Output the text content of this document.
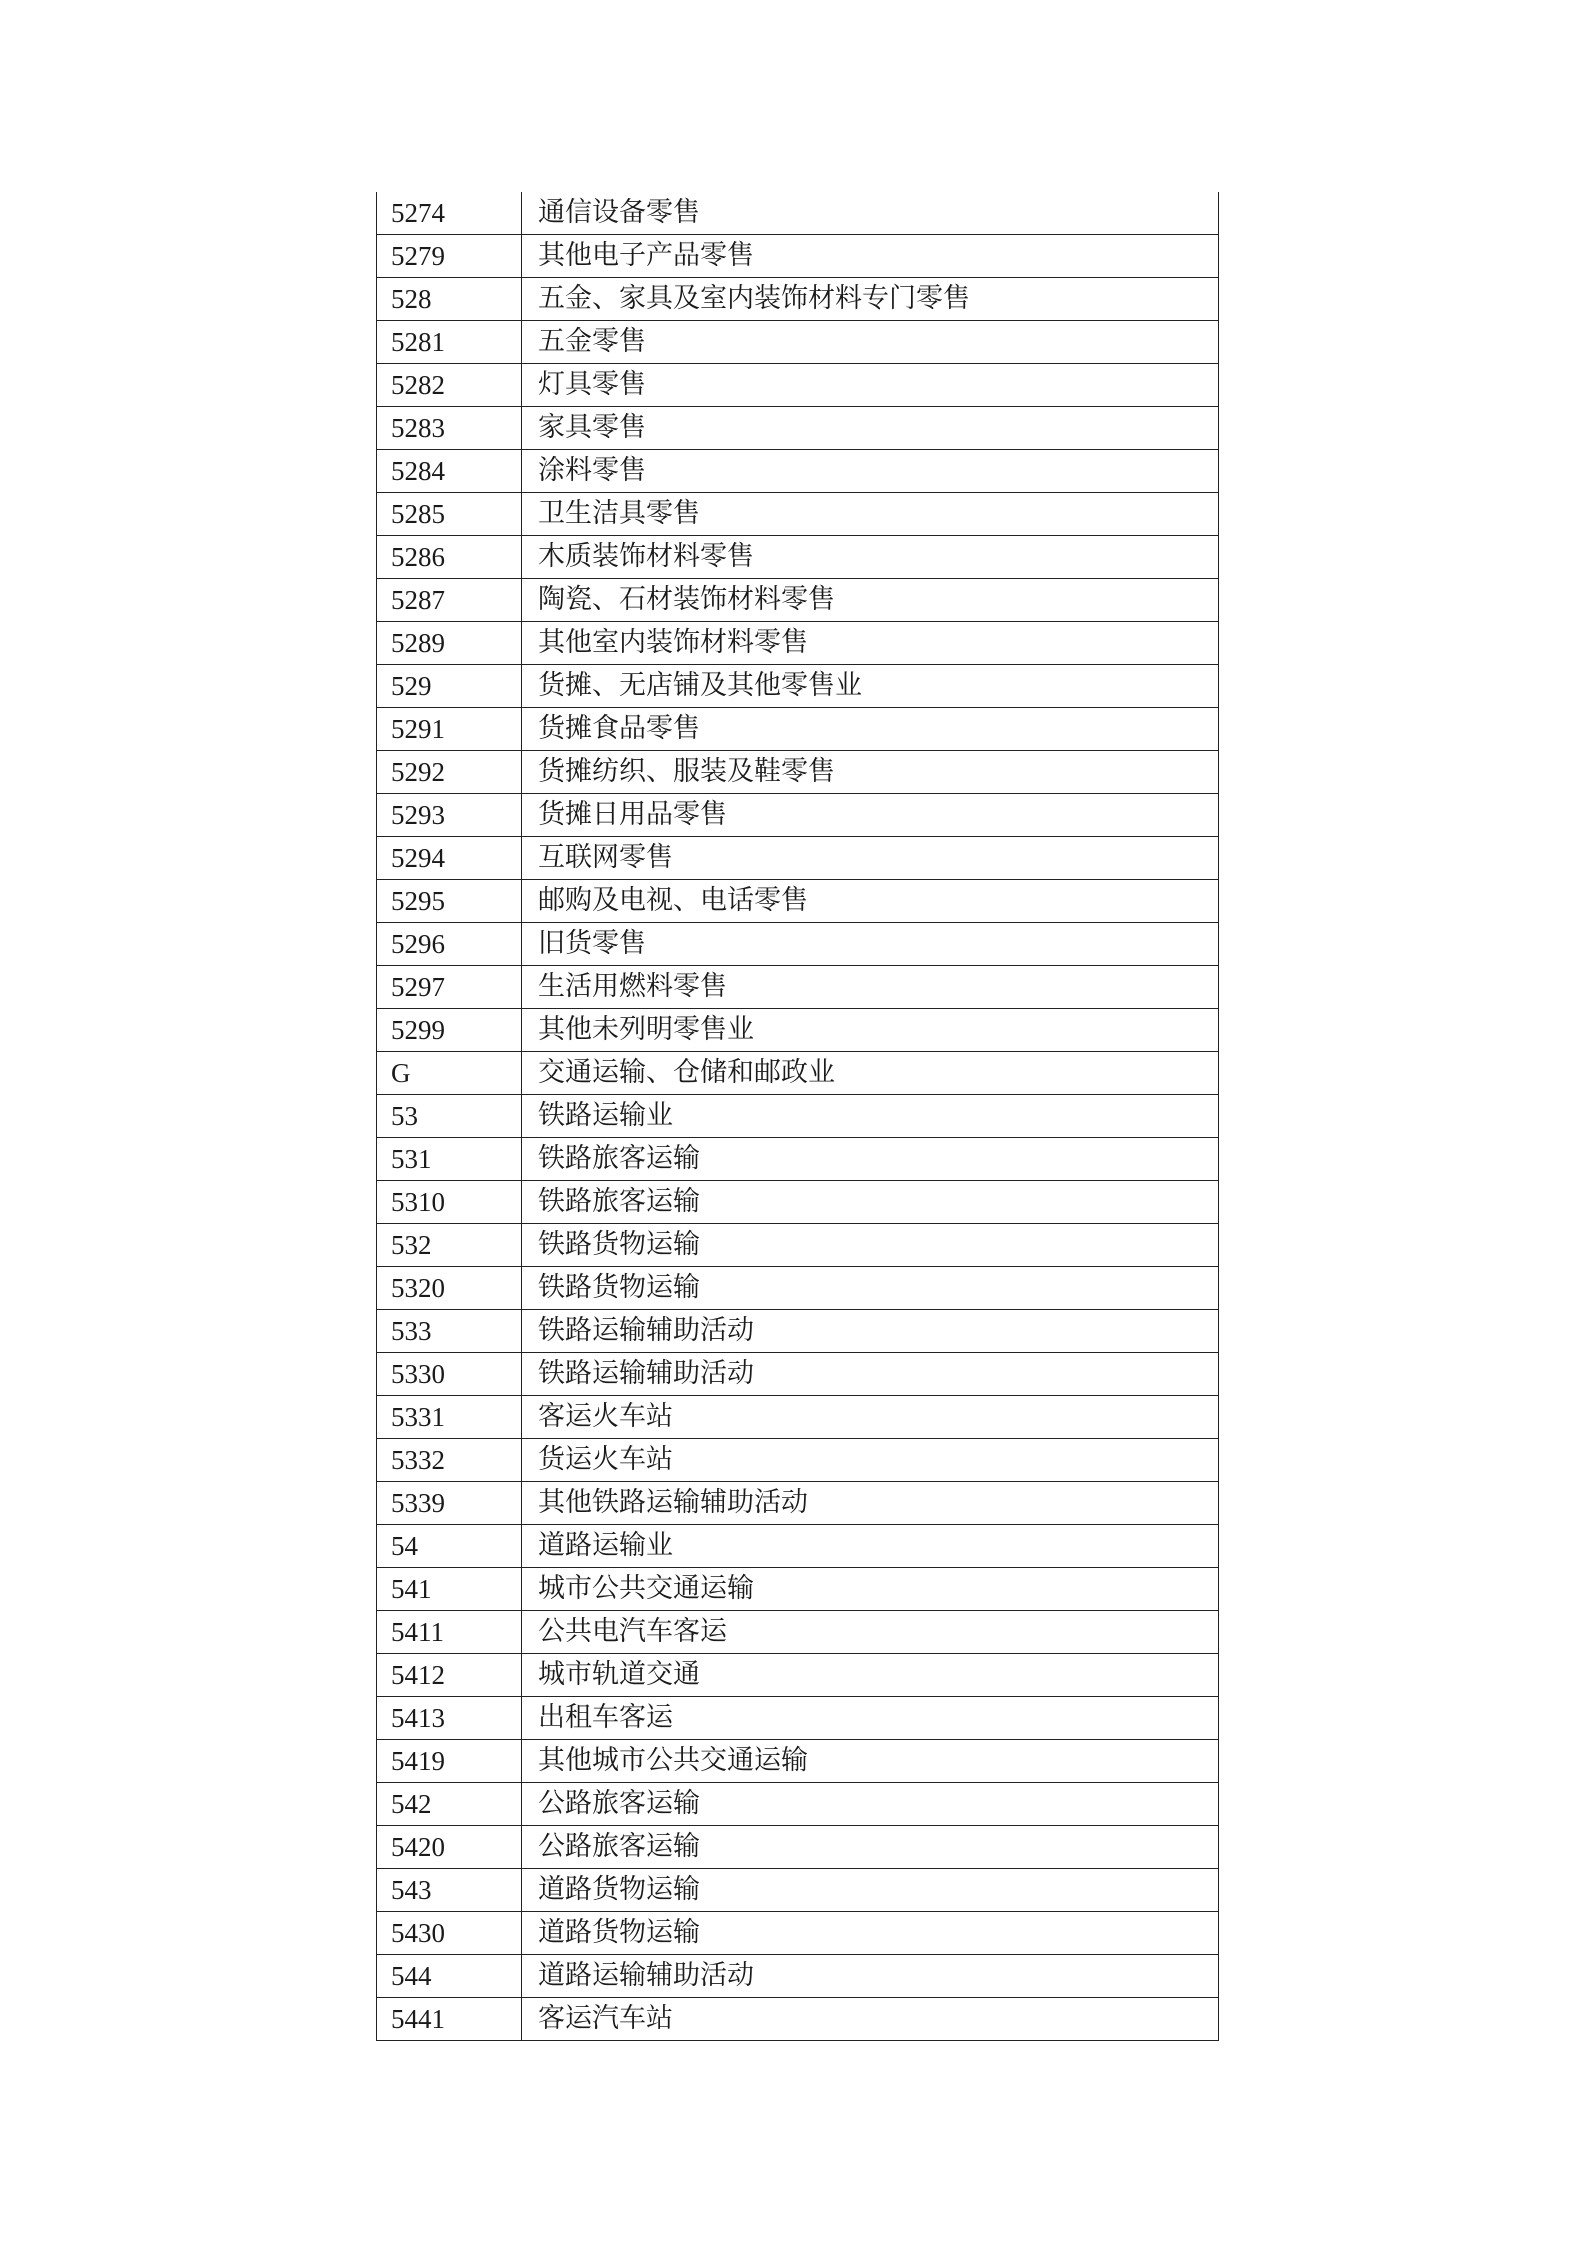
5274	通信设备零售
5279	其他电子产品零售
528	五金、家具及室内装饰材料专门零售
5281	五金零售
5282	灯具零售
5283	家具零售
5284	涂料零售
5285	卫生洁具零售
5286	木质装饰材料零售
5287	陶瓷、石材装饰材料零售
5289	其他室内装饰材料零售
529	货摊、无店铺及其他零售业
5291	货摊食品零售
5292	货摊纺织、服装及鞋零售
5293	货摊日用品零售
5294	互联网零售
5295	邮购及电视、电话零售
5296	旧货零售
5297	生活用燃料零售
5299	其他未列明零售业
G	交通运输、仓储和邮政业
53	铁路运输业
531	铁路旅客运输
5310	铁路旅客运输
532	铁路货物运输
5320	铁路货物运输
533	铁路运输辅助活动
5330	铁路运输辅助活动
5331	客运火车站
5332	货运火车站
5339	其他铁路运输辅助活动
54	道路运输业
541	城市公共交通运输
5411	公共电汽车客运
5412	城市轨道交通
5413	出租车客运
5419	其他城市公共交通运输
542	公路旅客运输
5420	公路旅客运输
543	道路货物运输
5430	道路货物运输
544	道路运输辅助活动
5441	客运汽车站
